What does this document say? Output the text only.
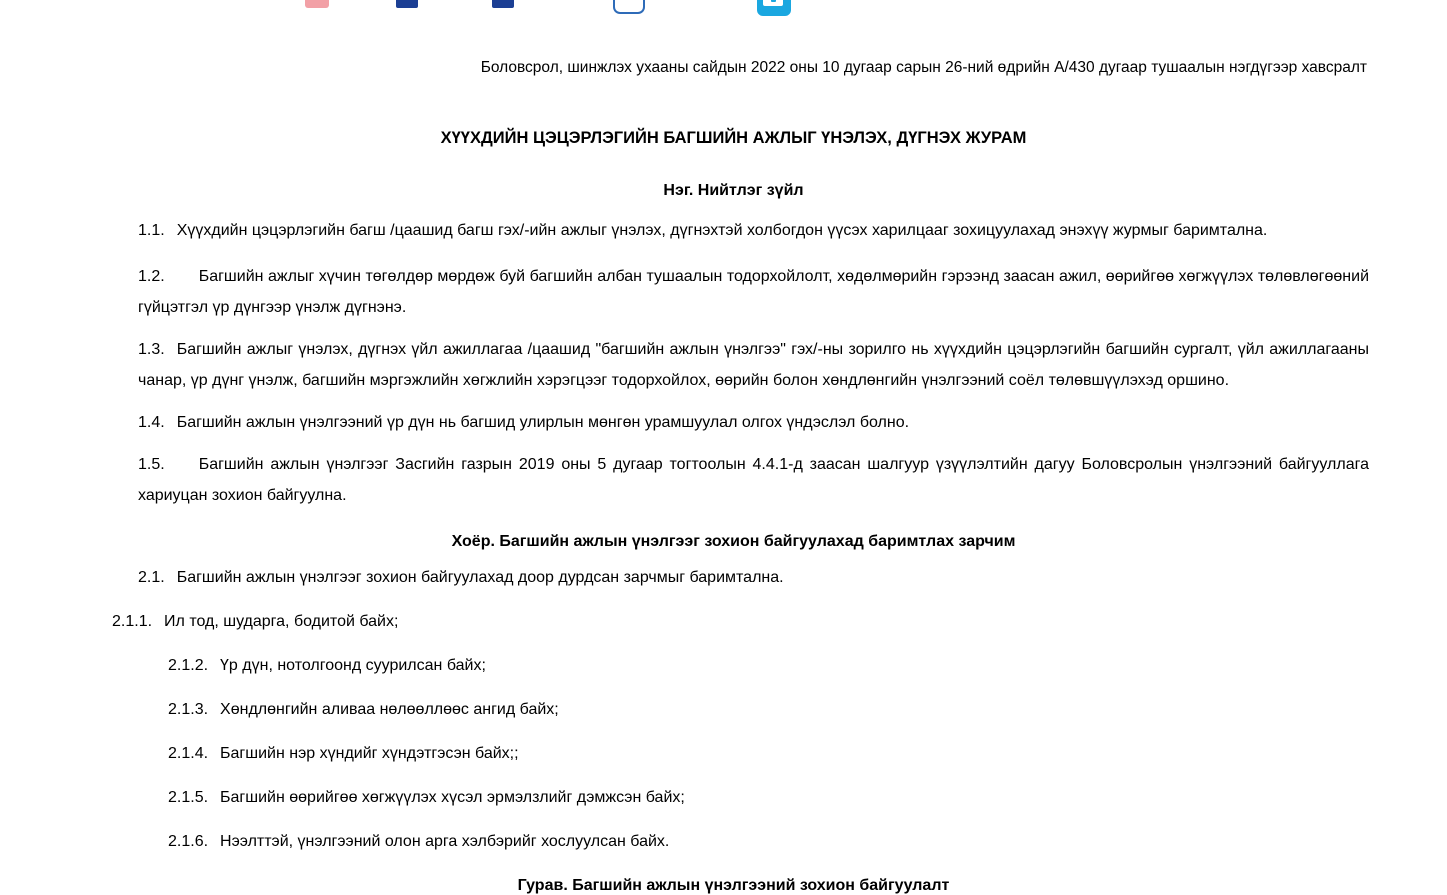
Боловсрол, шинжлэх ухааны сайдын 2022 оны 10 дугаар сарын 26-ний өдрийн А/430 дугаар тушаалын нэгдүгээр хавсралт
ХҮҮХДИЙН ЦЭЦЭРЛЭГИЙН БАГШИЙН АЖЛЫГ ҮНЭЛЭХ, ДҮГНЭХ ЖУРАМ
Нэг. Нийтлэг зүйл

1.1. Хүүхдийн цэцэрлэгийн багш /цаашид багш гэх/-ийн ажлыг үнэлэх, дүгнэхтэй холбогдон үүсэх харилцааг зохицуулахад энэхүү журмыг баримталнa.

1.2. Багшийн ажлыг хүчин төгөлдөр мөрдөж буй багшийн албан тушаалын тодорхойлолт, хөдөлмөрийн гэрээнд заасан ажил, өөрийгөө хөгжүүлэх төлөвлөгөөний гүйцэтгэл үр дүнгээр үнэлж дүгнэнэ.

1.3. Багшийн ажлыг үнэлэх, дүгнэх үйл ажиллагаа /цаашид "багшийн ажлын үнэлгээ" гэх/-ны зорилго нь хүүхдийн цэцэрлэгийн багшийн сургалт, үйл ажиллагааны чанар, үр дүнг үнэлж, багшийн мэргэжлийн хөгжлийн хэрэгцээг тодорхойлох, өөрийн болон хөндлөнгийн үнэлгээний соёл төлөвшүүлэхэд оршино.

1.4. Багшийн ажлын үнэлгээний үр дүн нь багшид улирлын мөнгөн урамшуулал олгох үндэслэл болно.

1.5. Багшийн ажлын үнэлгээг Засгийн газрын 2019 оны 5 дугаар тогтоолын 4.4.1-д заасан шалгуур үзүүлэлтийн дагуу Боловсролын үнэлгээний байгууллага хариуцан зохион байгуулна.

Хоёр. Багшийн ажлын үнэлгээг зохион байгуулахад баримтлах зарчим

2.1. Багшийн ажлын үнэлгээг зохион байгуулахад доор дурдсан зарчмыг баримталнa.

2.1.1. Ил тод, шударга, бодитой байх;
2.1.2. Үр дүн, нотолгоонд суурилсан байх;
2.1.3. Хөндлөнгийн аливаа нөлөөллөөс ангид байх;
2.1.4. Багшийн нэр хүндийг хүндэтгэсэн байх;;
2.1.5. Багшийн өөрийгөө хөгжүүлэх хүсэл эрмэлзлийг дэмжсэн байх;
2.1.6. Нээлттэй, үнэлгээний олон арга хэлбэрийг хослуулсан байх.
Гурав. Багшийн ажлын үнэлгээний зохион байгуулалт
